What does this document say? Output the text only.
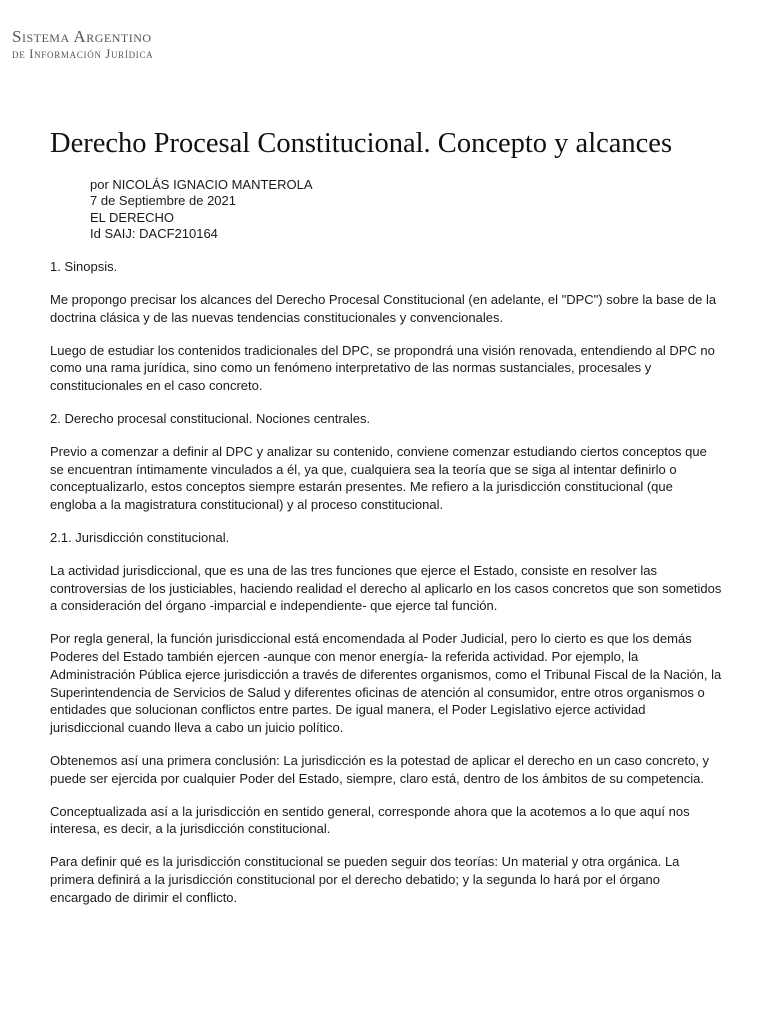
Sistema Argentino
de Información Jurídica
Derecho Procesal Constitucional. Concepto y alcances
por NICOLÁS IGNACIO MANTEROLA
7 de Septiembre de 2021
EL DERECHO
Id SAIJ: DACF210164

1. Sinopsis.

Me propongo precisar los alcances del Derecho Procesal Constitucional (en adelante, el "DPC") sobre la base de la doctrina clásica y de las nuevas tendencias constitucionales y convencionales.

Luego de estudiar los contenidos tradicionales del DPC, se propondrá una visión renovada, entendiendo al DPC no como una rama jurídica, sino como un fenómeno interpretativo de las normas sustanciales, procesales y constitucionales en el caso concreto.

2. Derecho procesal constitucional. Nociones centrales.

Previo a comenzar a definir al DPC y analizar su contenido, conviene comenzar estudiando ciertos conceptos que se encuentran íntimamente vinculados a él, ya que, cualquiera sea la teoría que se siga al intentar definirlo o conceptualizarlo, estos conceptos siempre estarán presentes. Me refiero a la jurisdicción constitucional (que engloba a la magistratura constitucional) y al proceso constitucional.

2.1. Jurisdicción constitucional.

La actividad jurisdiccional, que es una de las tres funciones que ejerce el Estado, consiste en resolver las controversias de los justiciables, haciendo realidad el derecho al aplicarlo en los casos concretos que son sometidos a consideración del órgano -imparcial e independiente- que ejerce tal función.

Por regla general, la función jurisdiccional está encomendada al Poder Judicial, pero lo cierto es que los demás Poderes del Estado también ejercen -aunque con menor energía- la referida actividad. Por ejemplo, la Administración Pública ejerce jurisdicción a través de diferentes organismos, como el Tribunal Fiscal de la Nación, la Superintendencia de Servicios de Salud y diferentes oficinas de atención al consumidor, entre otros organismos o entidades que solucionan conflictos entre partes. De igual manera, el Poder Legislativo ejerce actividad jurisdiccional cuando lleva a cabo un juicio político.

Obtenemos así una primera conclusión: La jurisdicción es la potestad de aplicar el derecho en un caso concreto, y puede ser ejercida por cualquier Poder del Estado, siempre, claro está, dentro de los ámbitos de su competencia.

Conceptualizada así a la jurisdicción en sentido general, corresponde ahora que la acotemos a lo que aquí nos interesa, es decir, a la jurisdicción constitucional.

Para definir qué es la jurisdicción constitucional se pueden seguir dos teorías: Un material y otra orgánica. La primera definirá a la jurisdicción constitucional por el derecho debatido; y la segunda lo hará por el órgano encargado de dirimir el conflicto.
